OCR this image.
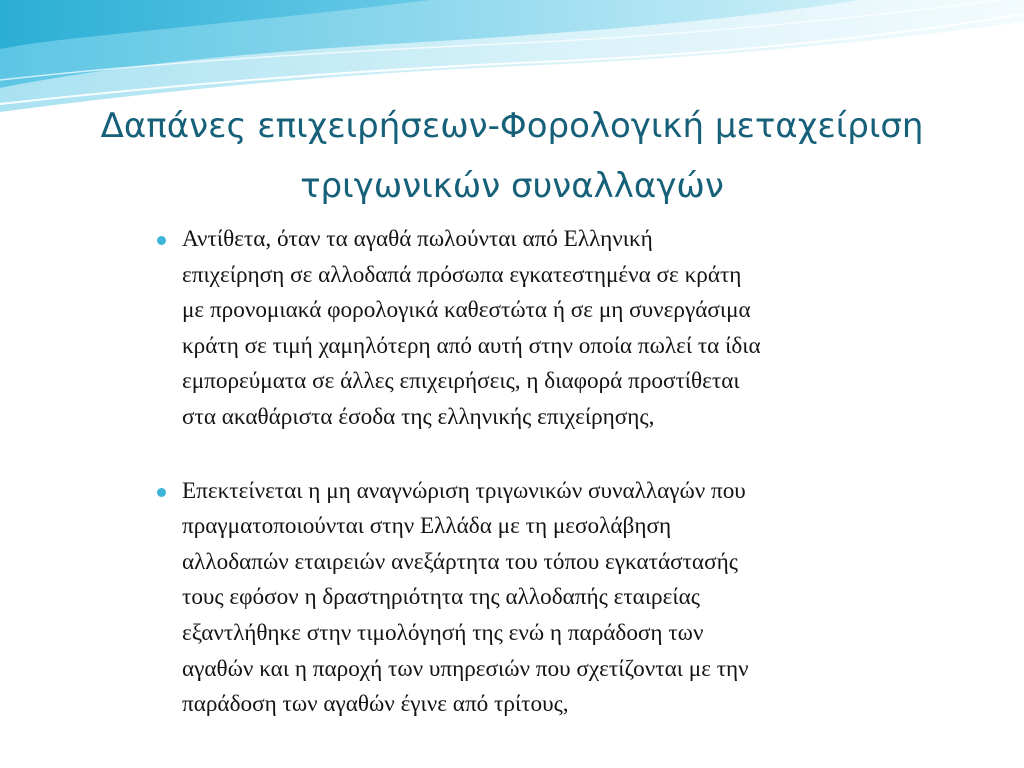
Δαπάνες επιχειρήσεων-Φορολογική μεταχείριση
τριγωνικών συναλλαγών
Αντίθετα, όταν τα αγαθά πωλούνται από Ελληνική
επιχείρηση σε αλλοδαπά πρόσωπα εγκατεστημένα σε κράτη
με προνομιακά φορολογικά καθεστώτα ή σε μη συνεργάσιμα
κράτη σε τιμή χαμηλότερη από αυτή στην οποία πωλεί τα ίδια
εμπορεύματα σε άλλες επιχειρήσεις, η διαφορά προστίθεται
στα ακαθάριστα έσοδα της ελληνικής επιχείρησης,
Επεκτείνεται η μη αναγνώριση τριγωνικών συναλλαγών που
πραγματοποιούνται στην Ελλάδα με τη μεσολάβηση
αλλοδαπών εταιρειών ανεξάρτητα του τόπου εγκατάστασής
τους εφόσον η δραστηριότητα της αλλοδαπής εταιρείας
εξαντλήθηκε στην τιμολόγησή της ενώ η παράδοση των
αγαθών και η παροχή των υπηρεσιών που σχετίζονται με την
παράδοση των αγαθών έγινε από τρίτους,
